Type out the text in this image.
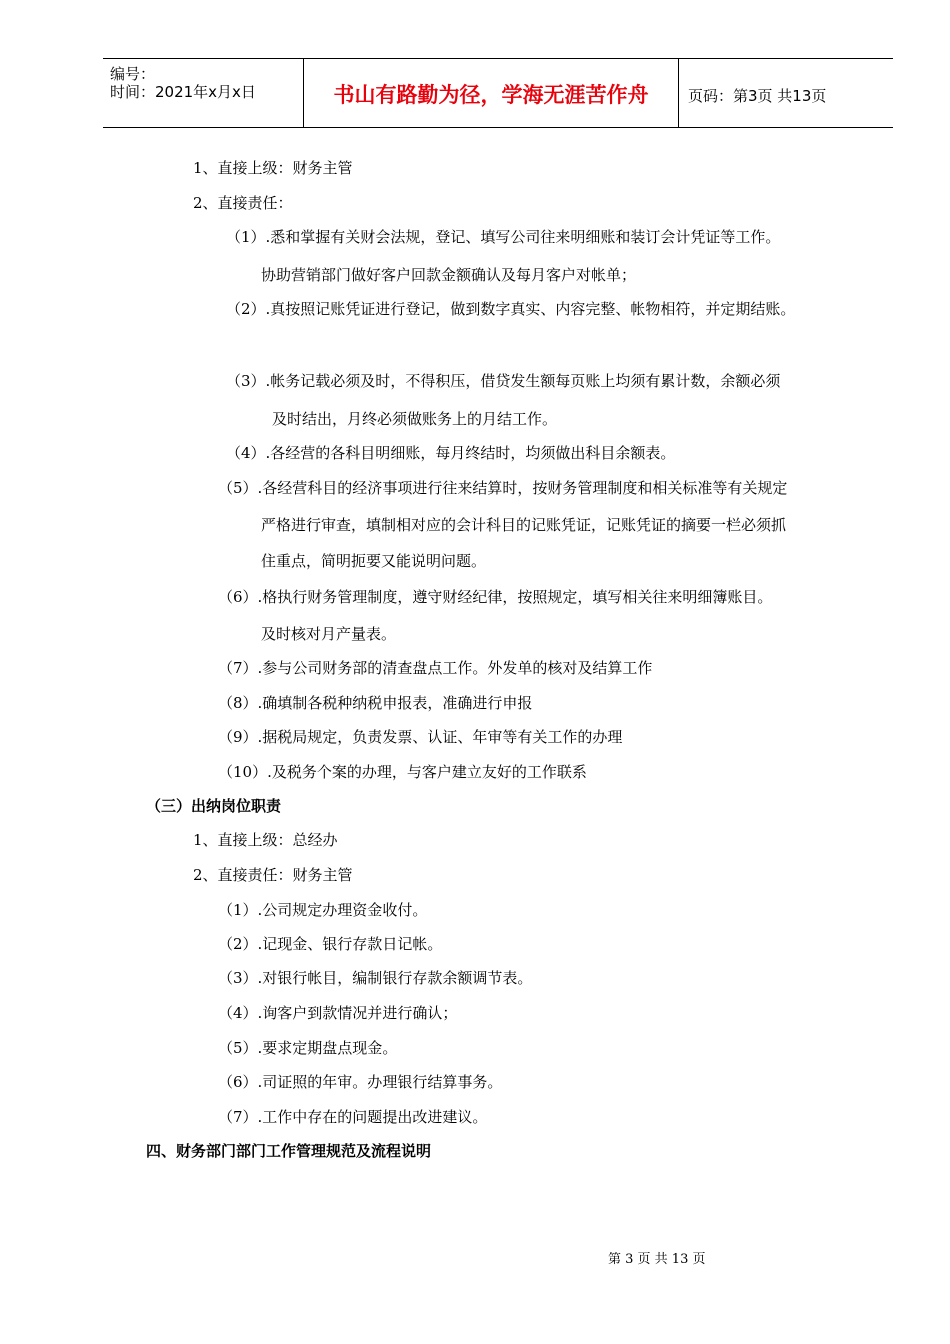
编号：
时间：2021年x月x日	书山有路勤为径，学海无涯苦作舟	页码：第3页 共13页
1、直接上级：财务主管
2、直接责任：
（1）.悉和掌握有关财会法规，登记、填写公司往来明细账和装订会计凭证等工作。
协助营销部门做好客户回款金额确认及每月客户对帐单；
（2）.真按照记账凭证进行登记，做到数字真实、内容完整、帐物相符，并定期结账。
（3）.帐务记载必须及时，不得积压，借贷发生额每页账上均须有累计数，余额必须
及时结出，月终必须做账务上的月结工作。
（4）.各经营的各科目明细账，每月终结时，均须做出科目余额表。
（5）.各经营科目的经济事项进行往来结算时，按财务管理制度和相关标准等有关规定
严格进行审查，填制相对应的会计科目的记账凭证，记账凭证的摘要一栏必须抓
住重点，简明扼要又能说明问题。
（6）.格执行财务管理制度，遵守财经纪律，按照规定，填写相关往来明细簿账目。
及时核对月产量表。
（7）.参与公司财务部的清查盘点工作。外发单的核对及结算工作
（8）.确填制各税种纳税申报表，准确进行申报
（9）.据税局规定，负责发票、认证、年审等有关工作的办理
（10）.及税务个案的办理，与客户建立友好的工作联系
（三）出纳岗位职责
1、直接上级：总经办
2、直接责任：财务主管
（1）.公司规定办理资金收付。
（2）.记现金、银行存款日记帐。
（3）.对银行帐目，编制银行存款余额调节表。
（4）.询客户到款情况并进行确认；
（5）.要求定期盘点现金。
（6）.司证照的年审。办理银行结算事务。
（7）.工作中存在的问题提出改进建议。
四、财务部门部门工作管理规范及流程说明
第 3 页 共 13 页
